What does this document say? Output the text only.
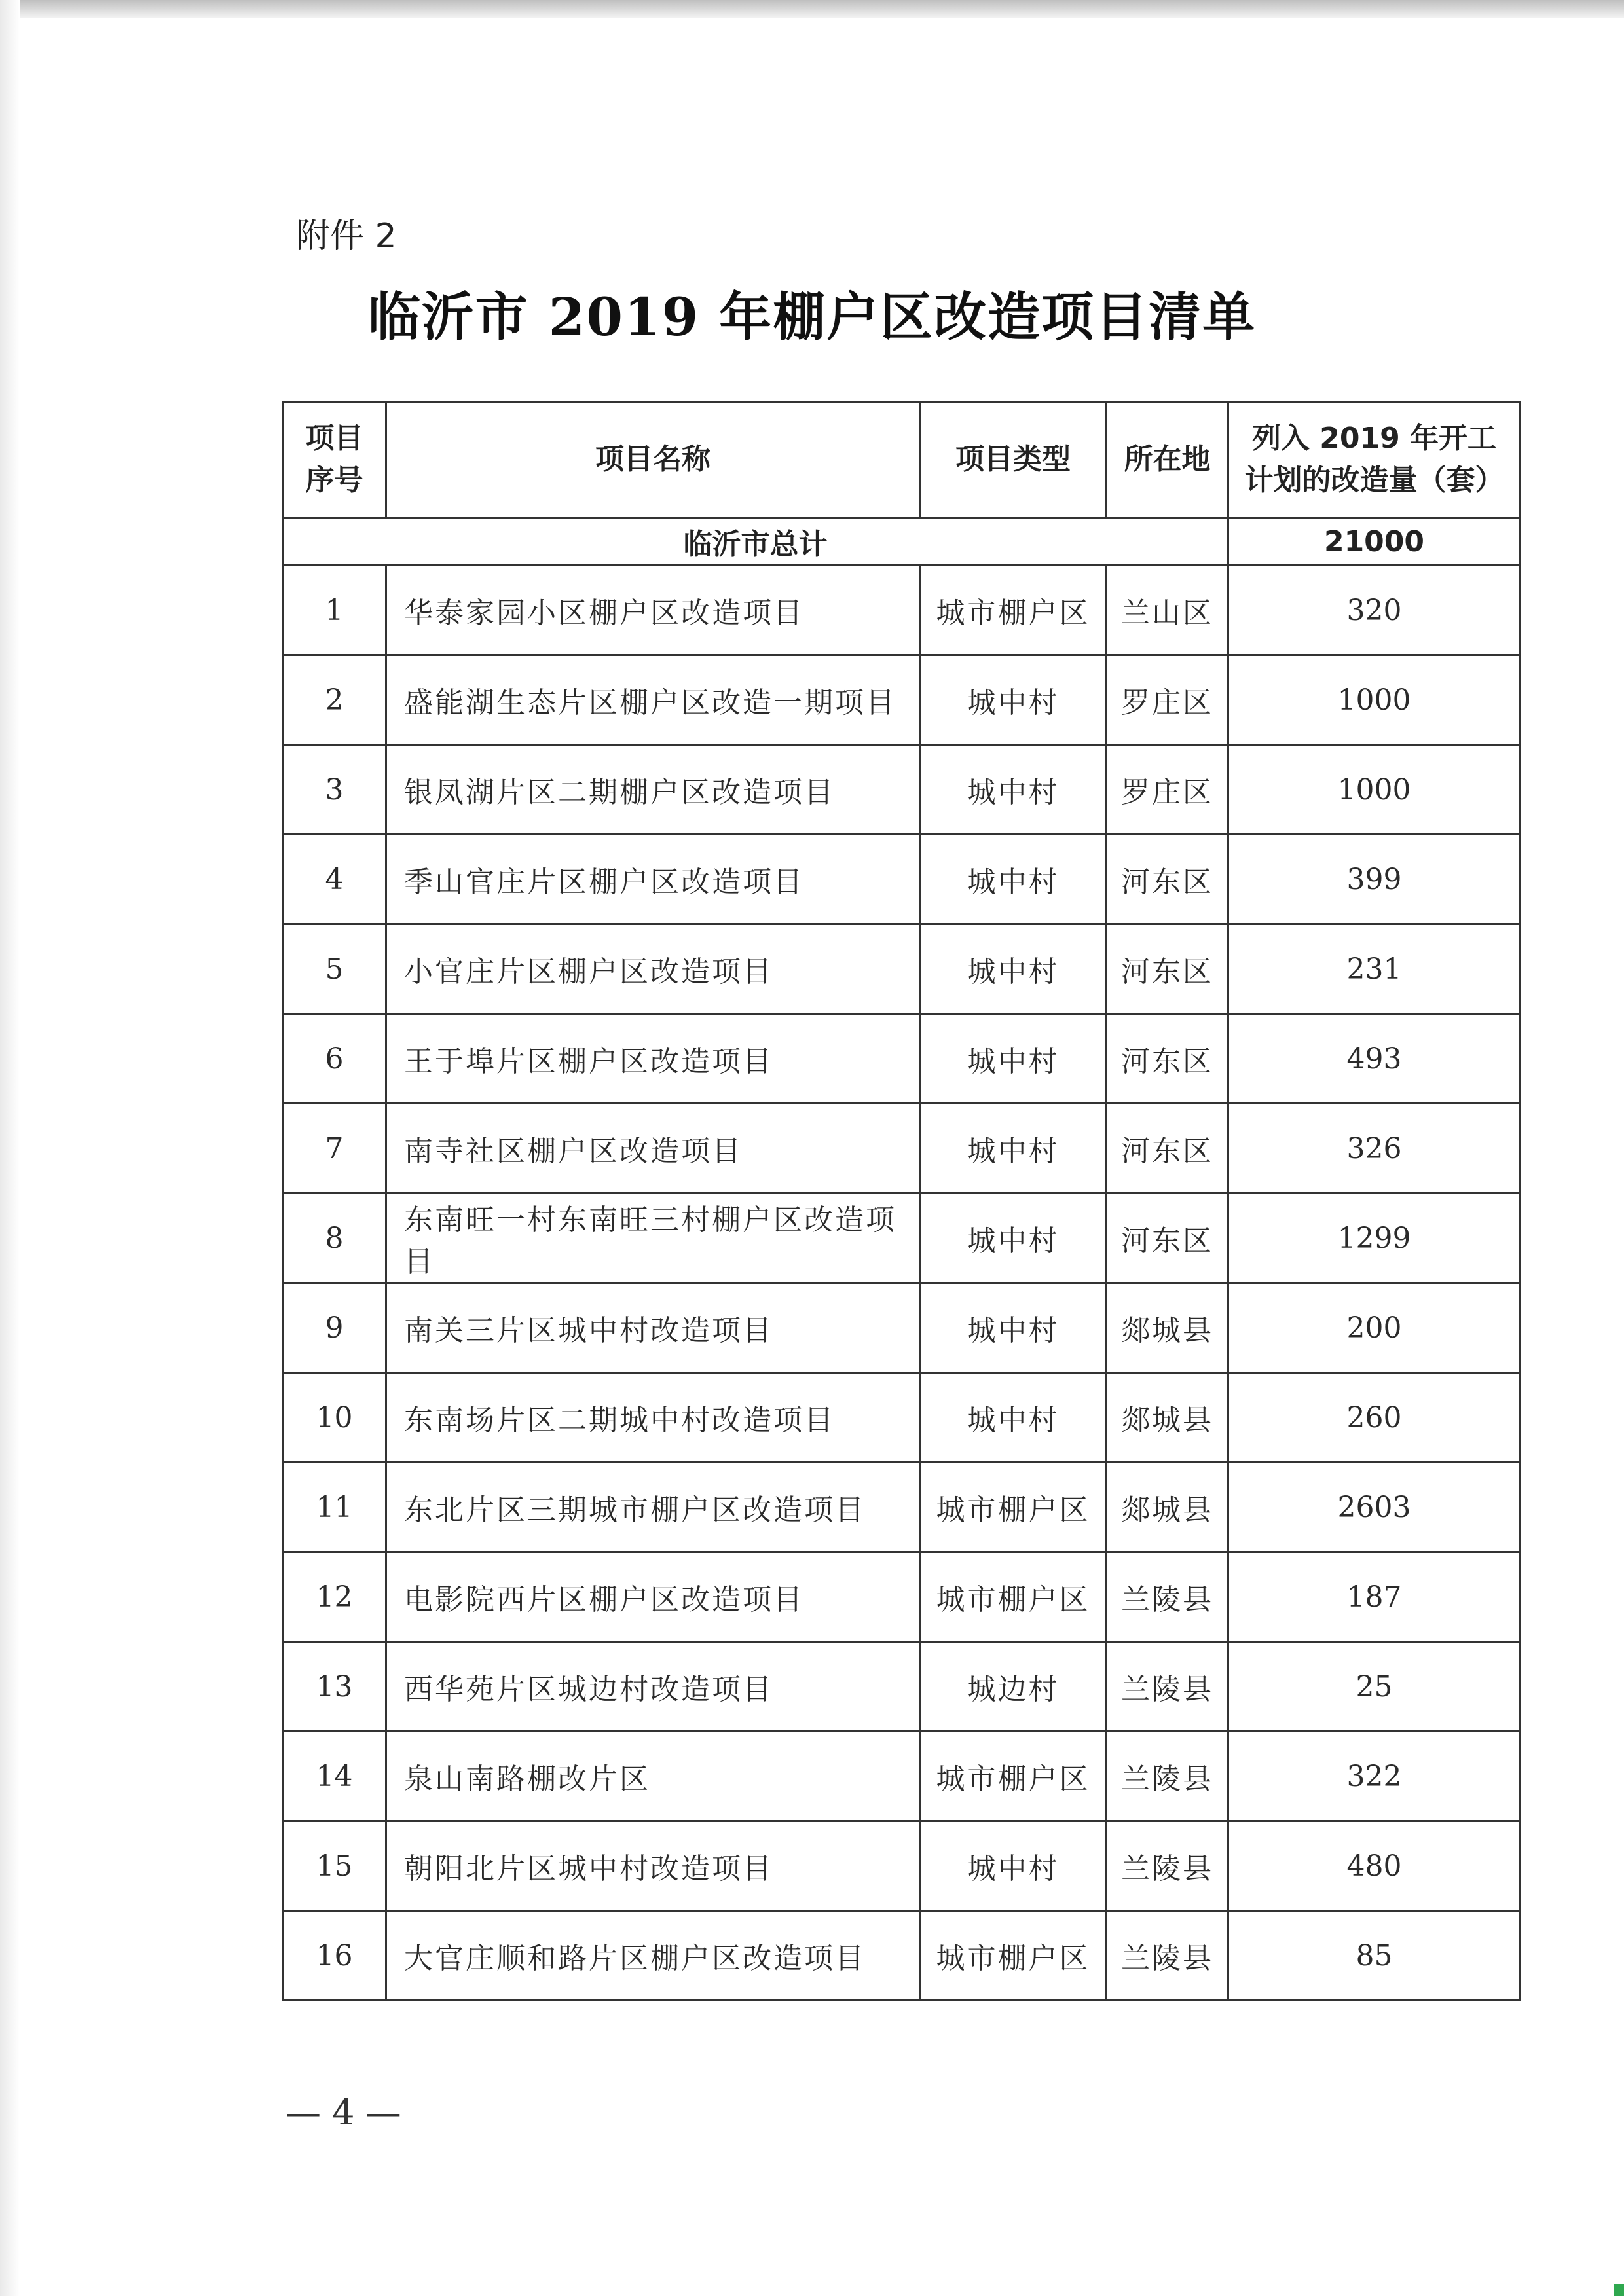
附件 2
临沂市 2019 年棚户区改造项目清单
项目
序号	项目名称	项目类型	所在地	列入 2019 年开工
计划的改造量（套）
临沂市总计				21000
1	华泰家园小区棚户区改造项目	城市棚户区	兰山区	320
2	盛能湖生态片区棚户区改造一期项目	城中村	罗庄区	1000
3	银凤湖片区二期棚户区改造项目	城中村	罗庄区	1000
4	季山官庄片区棚户区改造项目	城中村	河东区	399
5	小官庄片区棚户区改造项目	城中村	河东区	231
6	王于埠片区棚户区改造项目	城中村	河东区	493
7	南寺社区棚户区改造项目	城中村	河东区	326
8	东南旺一村东南旺三村棚户区改造项目	城中村	河东区	1299
9	南关三片区城中村改造项目	城中村	郯城县	200
10	东南场片区二期城中村改造项目	城中村	郯城县	260
11	东北片区三期城市棚户区改造项目	城市棚户区	郯城县	2603
12	电影院西片区棚户区改造项目	城市棚户区	兰陵县	187
13	西华苑片区城边村改造项目	城边村	兰陵县	25
14	泉山南路棚改片区	城市棚户区	兰陵县	322
15	朝阳北片区城中村改造项目	城中村	兰陵县	480
16	大官庄顺和路片区棚户区改造项目	城市棚户区	兰陵县	85
— 4 —
